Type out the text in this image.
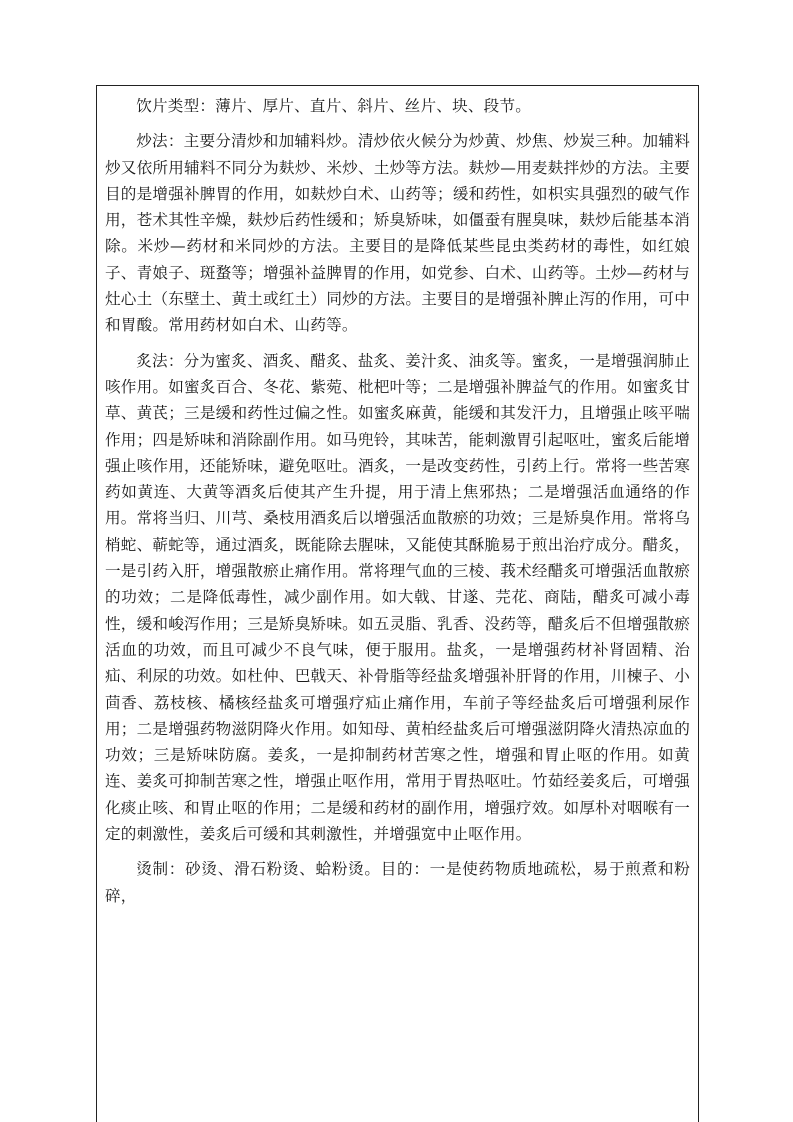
饮片类型：薄片、厚片、直片、斜片、丝片、块、段节。

炒法：主要分清炒和加辅料炒。清炒依火候分为炒黄、炒焦、炒炭三种。加辅料炒又依所用辅料不同分为麸炒、米炒、土炒等方法。麸炒—用麦麸拌炒的方法。主要目的是增强补脾胃的作用，如麸炒白术、山药等；缓和药性，如枳实具强烈的破气作用，苍术其性辛燥，麸炒后药性缓和；矫臭矫味，如僵蚕有腥臭味，麸炒后能基本消除。米炒—药材和米同炒的方法。主要目的是降低某些昆虫类药材的毒性，如红娘子、青娘子、斑蝥等；增强补益脾胃的作用，如党参、白术、山药等。土炒—药材与灶心土（东壁土、黄土或红土）同炒的方法。主要目的是增强补脾止泻的作用，可中和胃酸。常用药材如白术、山药等。

炙法：分为蜜炙、酒炙、醋炙、盐炙、姜汁炙、油炙等。蜜炙，一是增强润肺止咳作用。如蜜炙百合、冬花、紫菀、枇杷叶等；二是增强补脾益气的作用。如蜜炙甘草、黄芪；三是缓和药性过偏之性。如蜜炙麻黄，能缓和其发汗力，且增强止咳平喘作用；四是矫味和消除副作用。如马兜铃，其味苦，能刺激胃引起呕吐，蜜炙后能增强止咳作用，还能矫味，避免呕吐。酒炙，一是改变药性，引药上行。常将一些苦寒药如黄连、大黄等酒炙后使其产生升提，用于清上焦邪热；二是增强活血通络的作用。常将当归、川芎、桑枝用酒炙后以增强活血散瘀的功效；三是矫臭作用。常将乌梢蛇、蕲蛇等，通过酒炙，既能除去腥味，又能使其酥脆易于煎出治疗成分。醋炙，一是引药入肝，增强散瘀止痛作用。常将理气血的三棱、莪术经醋炙可增强活血散瘀的功效；二是降低毒性，减少副作用。如大戟、甘遂、芫花、商陆，醋炙可减小毒性，缓和峻泻作用；三是矫臭矫味。如五灵脂、乳香、没药等，醋炙后不但增强散瘀活血的功效，而且可减少不良气味，便于服用。盐炙，一是增强药材补肾固精、治疝、利尿的功效。如杜仲、巴戟天、补骨脂等经盐炙增强补肝肾的作用，川楝子、小茴香、荔枝核、橘核经盐炙可增强疗疝止痛作用，车前子等经盐炙后可增强利尿作用；二是增强药物滋阴降火作用。如知母、黄柏经盐炙后可增强滋阴降火清热凉血的功效；三是矫味防腐。姜炙，一是抑制药材苦寒之性，增强和胃止呕的作用。如黄连、姜炙可抑制苦寒之性，增强止呕作用，常用于胃热呕吐。竹茹经姜炙后，可增强化痰止咳、和胃止呕的作用；二是缓和药材的副作用，增强疗效。如厚朴对咽喉有一定的刺激性，姜炙后可缓和其刺激性，并增强宽中止呕作用。

烫制：砂烫、滑石粉烫、蛤粉烫。目的：一是使药物质地疏松，易于煎煮和粉碎，
